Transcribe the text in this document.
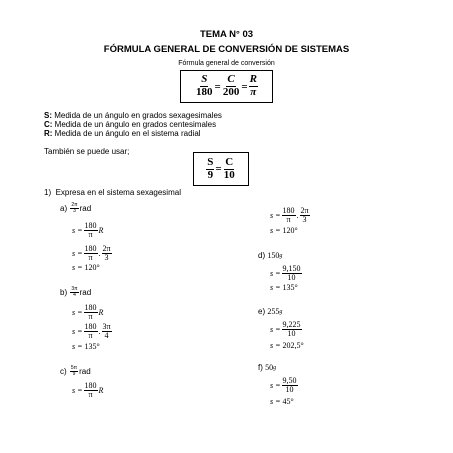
TEMA N° 03
FÓRMULA GENERAL DE CONVERSIÓN DE SISTEMAS
Fórmula general de conversión
$\frac{S}{180} = \frac{C}{200} = \frac{R}{\pi}$
S: Medida de un ángulo en grados sexagesimales
C: Medida de un ángulo en grados centesimales
R: Medida de un ángulo en el sistema radial
También se puede usar;
$\frac{S}{9} = \frac{C}{10}$
1) Expresa en el sistema sexagesimal
a)
$\frac{2\pi}{3}$ rad
$s = \frac{180}{\pi}$ R
$s = \frac{180}{\pi}$ . $\frac{2\pi}{3}$
s =
120°
b)
$\frac{3\pi}{4}$ rad
$s = \frac{180}{\pi}$ R
$s = \frac{180}{\pi}$ . $\frac{3\pi}{4}$
s =
135°
c)
$\frac{5\pi}{9}$ rad
$s = \frac{180}{\pi}$ R
$s = \frac{180}{\pi}$ . $\frac{2\pi}{3}$
s =
120°
d)
150 g
$s = \frac{9,150}{10}$
s =
135°
e)
255 g
$s = \frac{9,225}{10}$
s =
202,5°
f)
50 g
$s = \frac{9,50}{10}$
s =
45°
